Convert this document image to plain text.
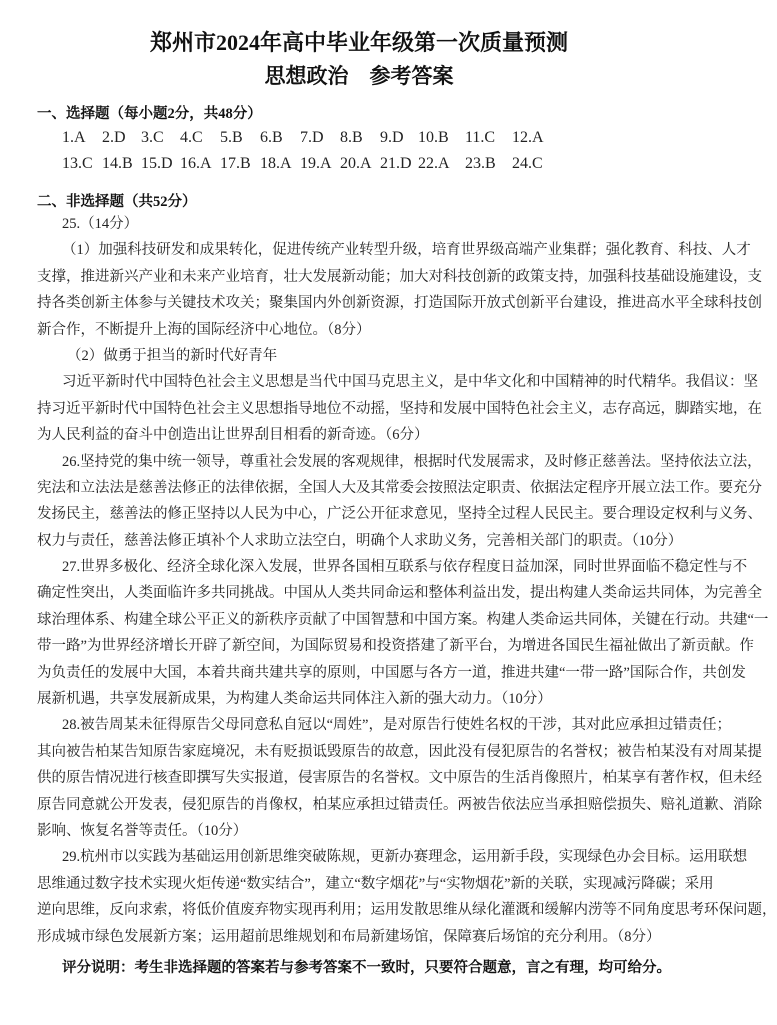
郑州市2024年高中毕业年级第一次质量预测
思想政治　参考答案
一、选择题（每小题2分，共48分）
1.A 2.D 3.C 4.C 5.B 6.B 7.D 8.B 9.D 10.B 11.C 12.A
13.C 14.B 15.D 16.A 17.B 18.A 19.A 20.A 21.D 22.A 23.B 24.C
二、非选择题（共52分）
25.（14分）
（1）加强科技研发和成果转化，促进传统产业转型升级，培育世界级高端产业集群；强化教育、科技、人才
支撑，推进新兴产业和未来产业培育，壮大发展新动能；加大对科技创新的政策支持，加强科技基础设施建设，支
持各类创新主体参与关键技术攻关；聚集国内外创新资源，打造国际开放式创新平台建设，推进高水平全球科技创
新合作，不断提升上海的国际经济中心地位。（8分）
（2）做勇于担当的新时代好青年
习近平新时代中国特色社会主义思想是当代中国马克思主义，是中华文化和中国精神的时代精华。我倡议：坚
持习近平新时代中国特色社会主义思想指导地位不动摇，坚持和发展中国特色社会主义，志存高远，脚踏实地，在
为人民利益的奋斗中创造出让世界刮目相看的新奇迹。（6分）
26.坚持党的集中统一领导，尊重社会发展的客观规律，根据时代发展需求，及时修正慈善法。坚持依法立法，
宪法和立法法是慈善法修正的法律依据，全国人大及其常委会按照法定职责、依据法定程序开展立法工作。要充分
发扬民主，慈善法的修正坚持以人民为中心，广泛公开征求意见，坚持全过程人民民主。要合理设定权利与义务、
权力与责任，慈善法修正填补个人求助立法空白，明确个人求助义务，完善相关部门的职责。（10分）
27.世界多极化、经济全球化深入发展，世界各国相互联系与依存程度日益加深，同时世界面临不稳定性与不
确定性突出，人类面临许多共同挑战。中国从人类共同命运和整体利益出发，提出构建人类命运共同体，为完善全
球治理体系、构建全球公平正义的新秩序贡献了中国智慧和中国方案。构建人类命运共同体，关键在行动。共建“一
带一路”为世界经济增长开辟了新空间，为国际贸易和投资搭建了新平台，为增进各国民生福祉做出了新贡献。作
为负责任的发展中大国，本着共商共建共享的原则，中国愿与各方一道，推进共建“一带一路”国际合作，共创发
展新机遇，共享发展新成果，为构建人类命运共同体注入新的强大动力。（10分）
28.被告周某未征得原告父母同意私自冠以“周姓”，是对原告行使姓名权的干涉，其对此应承担过错责任；
其向被告柏某告知原告家庭境况，未有贬损诋毁原告的故意，因此没有侵犯原告的名誉权；被告柏某没有对周某提
供的原告情况进行核查即撰写失实报道，侵害原告的名誉权。文中原告的生活肖像照片，柏某享有著作权，但未经
原告同意就公开发表，侵犯原告的肖像权，柏某应承担过错责任。两被告依法应当承担赔偿损失、赔礼道歉、消除
影响、恢复名誉等责任。（10分）
29.杭州市以实践为基础运用创新思维突破陈规，更新办赛理念，运用新手段，实现绿色办会目标。运用联想
思维通过数字技术实现火炬传递“数实结合”，建立“数字烟花”与“实物烟花”新的关联，实现减污降碳；采用
逆向思维，反向求索，将低价值废弃物实现再利用；运用发散思维从绿化灌溉和缓解内涝等不同角度思考环保问题，
形成城市绿色发展新方案；运用超前思维规划和布局新建场馆，保障赛后场馆的充分利用。（8分）
评分说明：考生非选择题的答案若与参考答案不一致时，只要符合题意，言之有理，均可给分。
